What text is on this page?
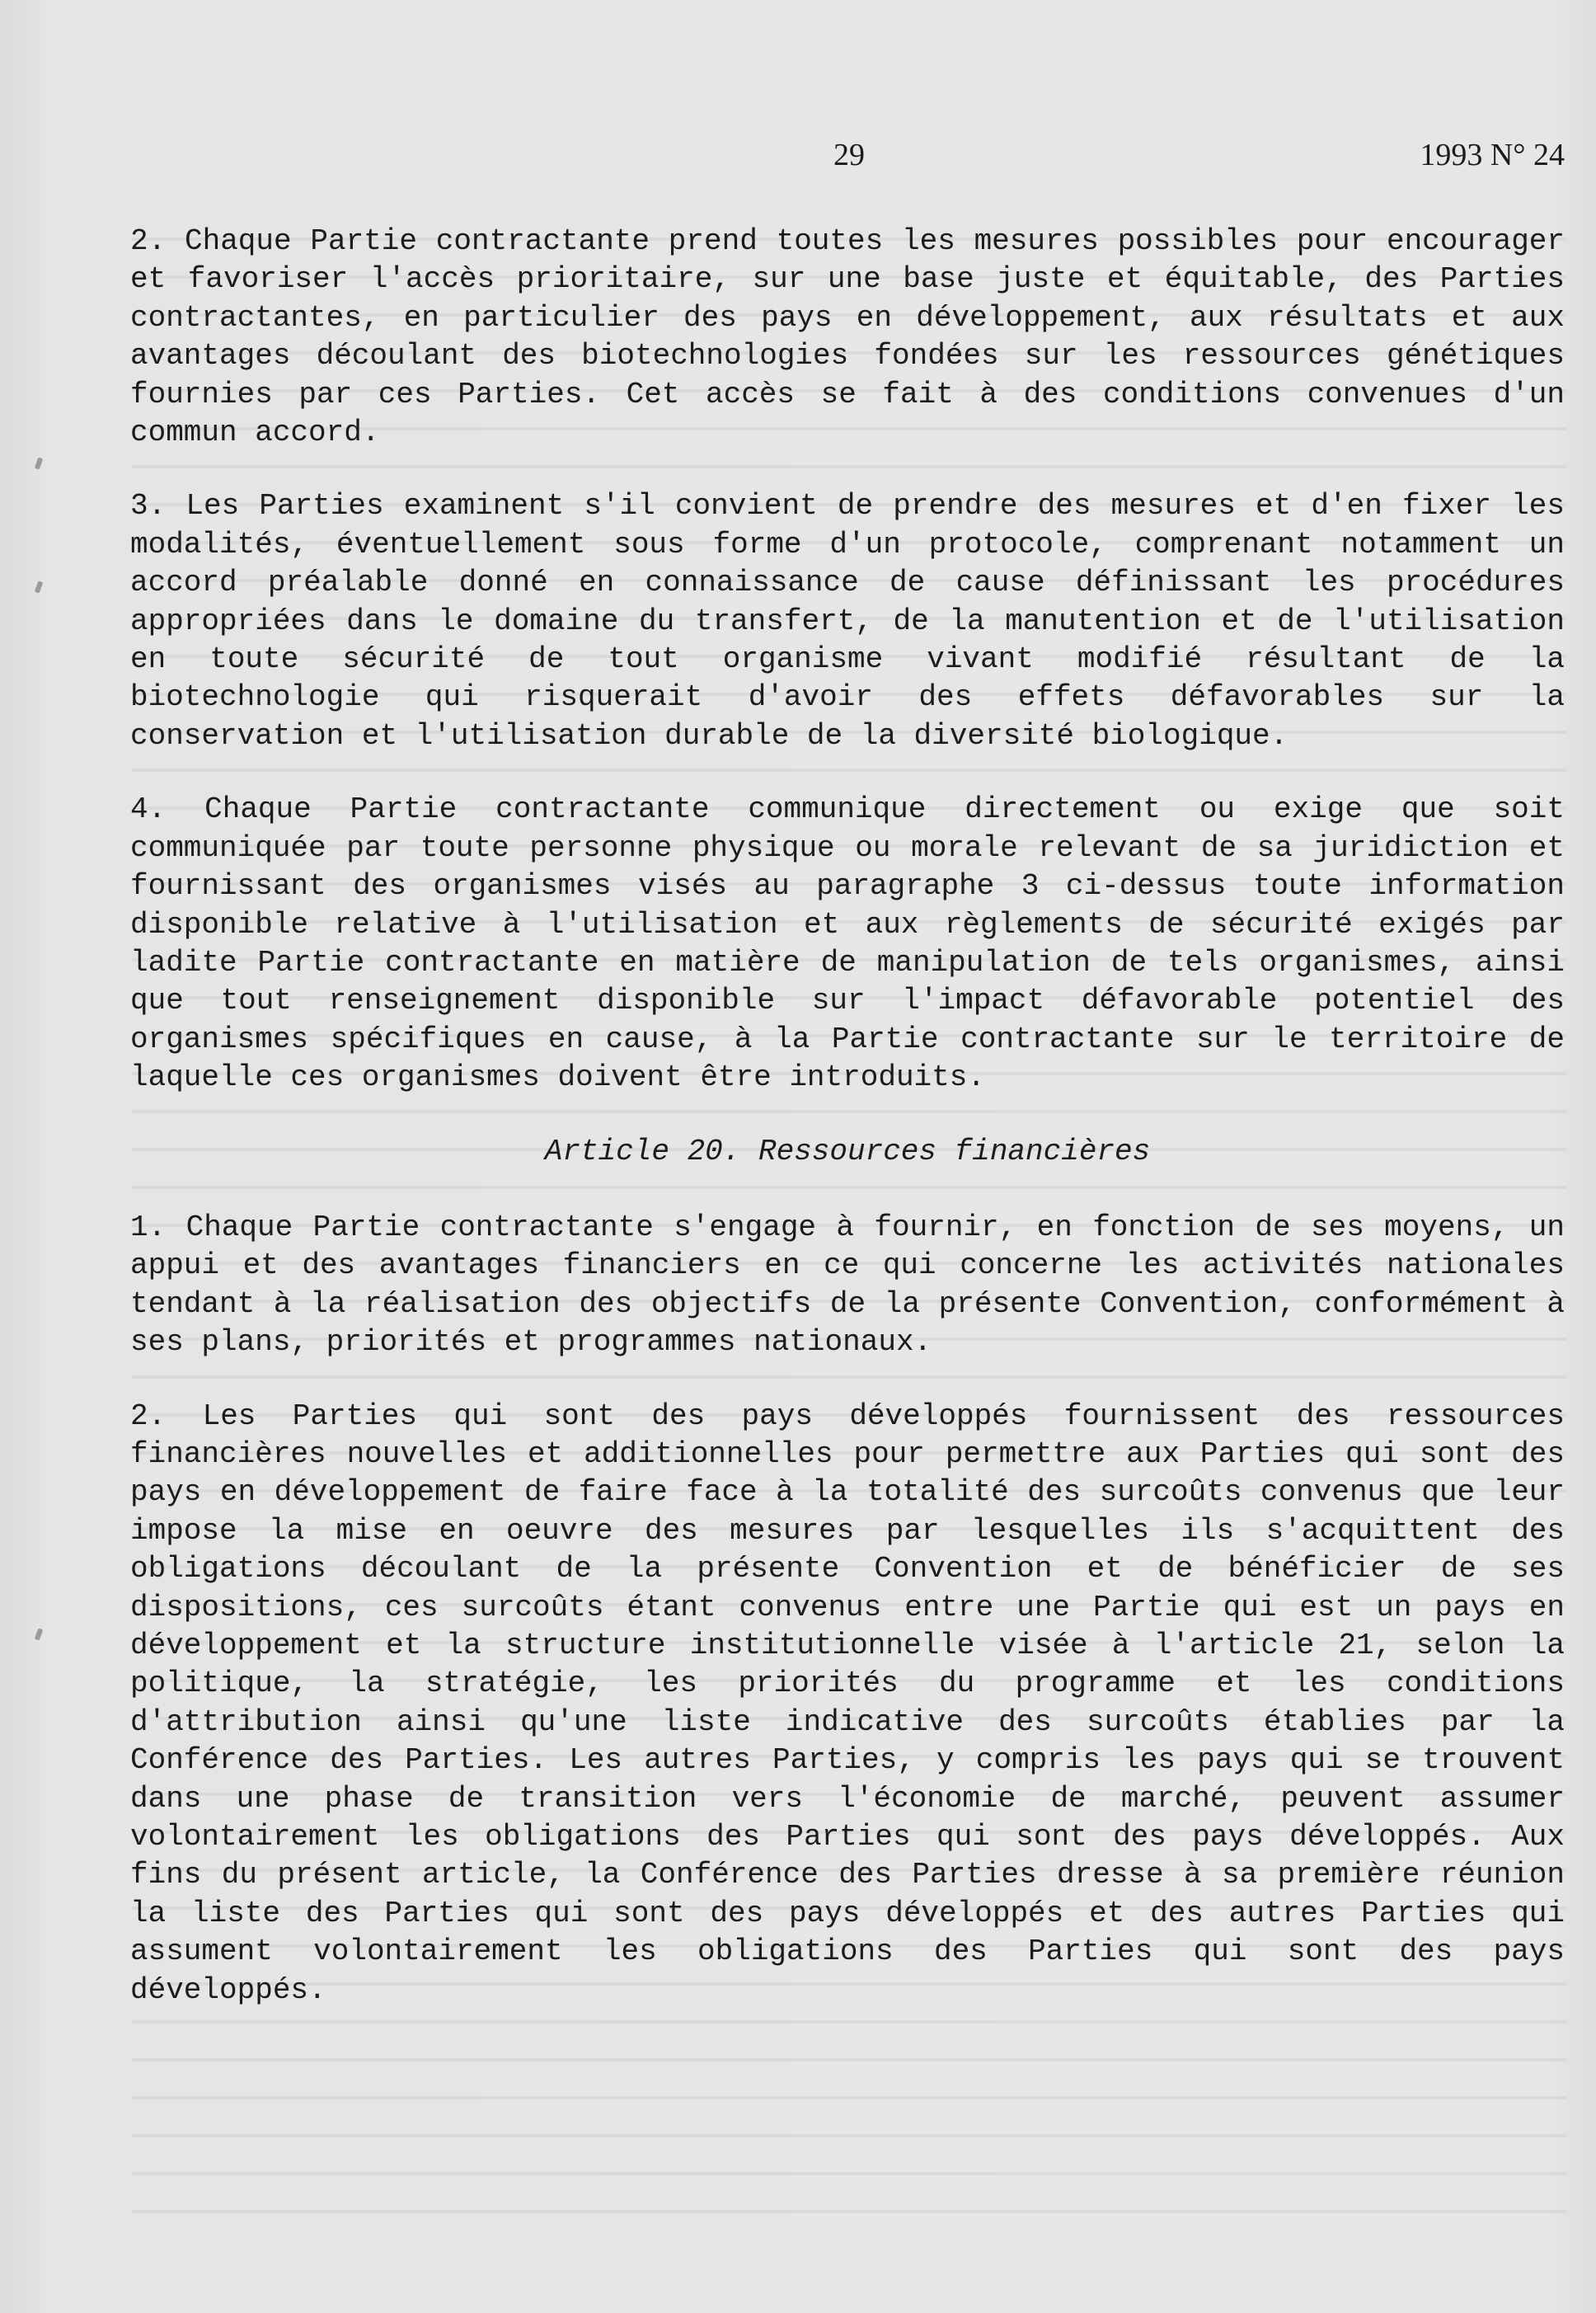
29	1993 N° 24

2. Chaque Partie contractante prend toutes les mesures possibles pour encourager et favoriser l'accès prioritaire, sur une base juste et équitable, des Parties contractantes, en particulier des pays en développement, aux résultats et aux avantages découlant des biotechnologies fondées sur les ressources génétiques fournies par ces Parties. Cet accès se fait à des conditions convenues d'un commun accord.

3. Les Parties examinent s'il convient de prendre des mesures et d'en fixer les modalités, éventuellement sous forme d'un protocole, comprenant notamment un accord préalable donné en connaissance de cause définissant les procédures appropriées dans le domaine du transfert, de la manutention et de l'utilisation en toute sécurité de tout organisme vivant modifié résultant de la biotechnologie qui risquerait d'avoir des effets défavorables sur la conservation et l'utilisation durable de la diversité biologique.

4. Chaque Partie contractante communique directement ou exige que soit communiquée par toute personne physique ou morale relevant de sa juridiction et fournissant des organismes visés au paragraphe 3 ci-dessus toute information disponible relative à l'utilisation et aux règlements de sécurité exigés par ladite Partie contractante en matière de manipulation de tels organismes, ainsi que tout renseignement disponible sur l'impact défavorable potentiel des organismes spécifiques en cause, à la Partie contractante sur le territoire de laquelle ces organismes doivent être introduits.

Article 20. Ressources financières

1. Chaque Partie contractante s'engage à fournir, en fonction de ses moyens, un appui et des avantages financiers en ce qui concerne les activités nationales tendant à la réalisation des objectifs de la présente Convention, conformément à ses plans, priorités et programmes nationaux.

2. Les Parties qui sont des pays développés fournissent des ressources financières nouvelles et additionnelles pour permettre aux Parties qui sont des pays en développement de faire face à la totalité des surcoûts convenus que leur impose la mise en oeuvre des mesures par lesquelles ils s'acquittent des obligations découlant de la présente Convention et de bénéficier de ses dispositions, ces surcoûts étant convenus entre une Partie qui est un pays en développement et la structure institutionnelle visée à l'article 21, selon la politique, la stratégie, les priorités du programme et les conditions d'attribution ainsi qu'une liste indicative des surcoûts établies par la Conférence des Parties. Les autres Parties, y compris les pays qui se trouvent dans une phase de transition vers l'économie de marché, peuvent assumer volontairement les obligations des Parties qui sont des pays développés. Aux fins du présent article, la Conférence des Parties dresse à sa première réunion la liste des Parties qui sont des pays développés et des autres Parties qui assument volontairement les obligations des Parties qui sont des pays développés.
